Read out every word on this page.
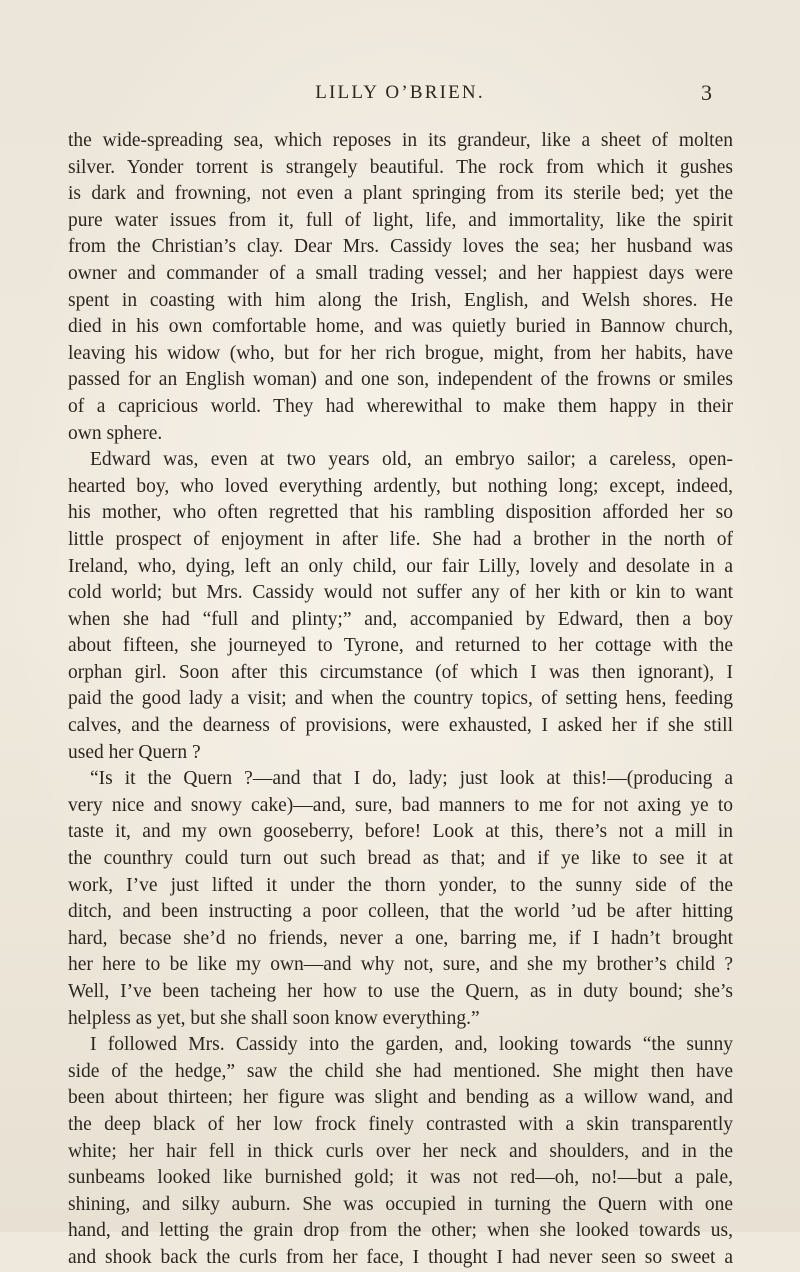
LILLY O’BRIEN.	3
the wide-spreading sea, which reposes in its grandeur, like a sheet of molten
silver. Yonder torrent is strangely beautiful. The rock from which it gushes
is dark and frowning, not even a plant springing from its sterile bed; yet the
pure water issues from it, full of light, life, and immortality, like the spirit
from the Christian’s clay. Dear Mrs. Cassidy loves the sea; her husband was
owner and commander of a small trading vessel; and her happiest days were
spent in coasting with him along the Irish, English, and Welsh shores. He
died in his own comfortable home, and was quietly buried in Bannow church,
leaving his widow (who, but for her rich brogue, might, from her habits, have
passed for an English woman) and one son, independent of the frowns or smiles
of a capricious world. They had wherewithal to make them happy in their
own sphere.
Edward was, even at two years old, an embryo sailor; a careless, open-
hearted boy, who loved everything ardently, but nothing long; except, indeed,
his mother, who often regretted that his rambling disposition afforded her so
little prospect of enjoyment in after life. She had a brother in the north of
Ireland, who, dying, left an only child, our fair Lilly, lovely and desolate in a
cold world; but Mrs. Cassidy would not suffer any of her kith or kin to want
when she had “full and plinty;” and, accompanied by Edward, then a boy
about fifteen, she journeyed to Tyrone, and returned to her cottage with the
orphan girl. Soon after this circumstance (of which I was then ignorant), I
paid the good lady a visit; and when the country topics, of setting hens, feeding
calves, and the dearness of provisions, were exhausted, I asked her if she still
used her Quern ?
“Is it the Quern ?—and that I do, lady; just look at this!—(producing a
very nice and snowy cake)—and, sure, bad manners to me for not axing ye to
taste it, and my own gooseberry, before! Look at this, there’s not a mill in
the counthry could turn out such bread as that; and if ye like to see it at
work, I’ve just lifted it under the thorn yonder, to the sunny side of the
ditch, and been instructing a poor colleen, that the world ’ud be after hitting
hard, becase she’d no friends, never a one, barring me, if I hadn’t brought
her here to be like my own—and why not, sure, and she my brother’s child ?
Well, I’ve been tacheing her how to use the Quern, as in duty bound; she’s
helpless as yet, but she shall soon know everything.”
I followed Mrs. Cassidy into the garden, and, looking towards “the sunny
side of the hedge,” saw the child she had mentioned. She might then have
been about thirteen; her figure was slight and bending as a willow wand, and
the deep black of her low frock finely contrasted with a skin transparently
white; her hair fell in thick curls over her neck and shoulders, and in the
sunbeams looked like burnished gold; it was not red—oh, no!—but a pale,
shining, and silky auburn. She was occupied in turning the Quern with one
hand, and letting the grain drop from the other; when she looked towards us,
and shook back the curls from her face, I thought I had never seen so sweet a
